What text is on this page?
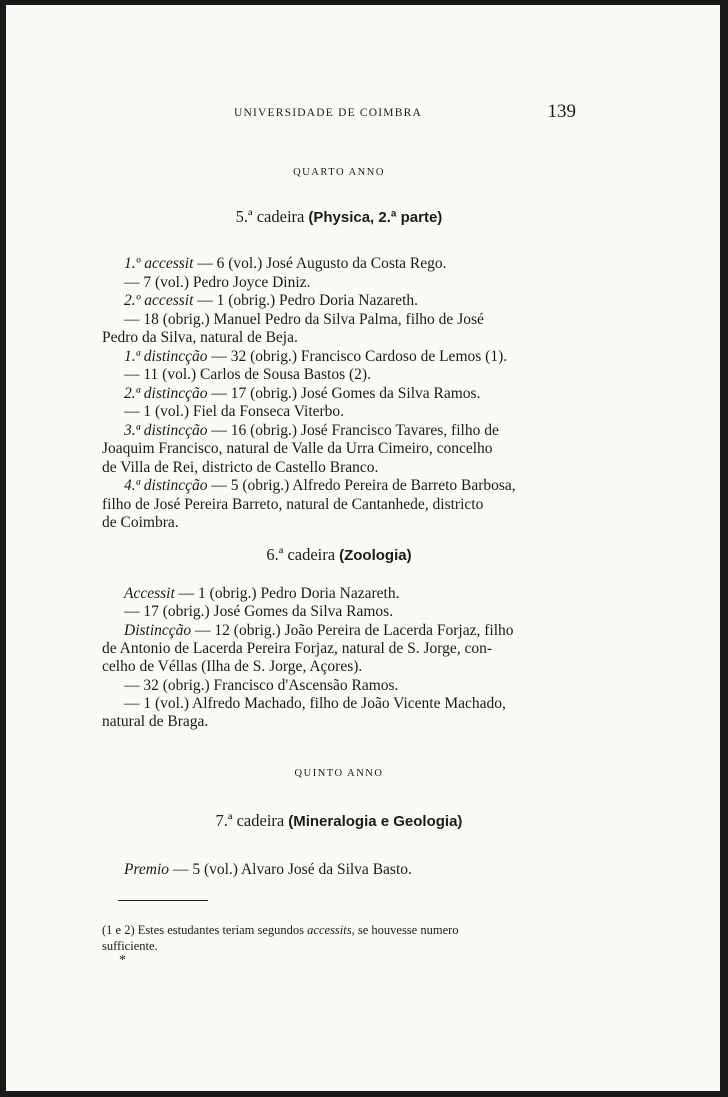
UNIVERSIDADE DE COIMBRA	139
QUARTO ANNO
5.ª cadeira (Physica, 2.ª parte)
1.º accessit — 6 (vol.) José Augusto da Costa Rego.
— 7 (vol.) Pedro Joyce Diniz.
2.º accessit — 1 (obrig.) Pedro Doria Nazareth.
— 18 (obrig.) Manuel Pedro da Silva Palma, filho de José
Pedro da Silva, natural de Beja.
1.ª distincção — 32 (obrig.) Francisco Cardoso de Lemos (1).
— 11 (vol.) Carlos de Sousa Bastos (2).
2.ª distincção — 17 (obrig.) José Gomes da Silva Ramos.
— 1 (vol.) Fiel da Fonseca Viterbo.
3.ª distincção — 16 (obrig.) José Francisco Tavares, filho de
Joaquim Francisco, natural de Valle da Urra Cimeiro, concelho
de Villa de Rei, districto de Castello Branco.
4.ª distincção — 5 (obrig.) Alfredo Pereira de Barreto Barbosa,
filho de José Pereira Barreto, natural de Cantanhede, districto
de Coimbra.
6.ª cadeira (Zoologia)
Accessit — 1 (obrig.) Pedro Doria Nazareth.
— 17 (obrig.) José Gomes da Silva Ramos.
Distincção — 12 (obrig.) João Pereira de Lacerda Forjaz, filho
de Antonio de Lacerda Pereira Forjaz, natural de S. Jorge, con-
celho de Véllas (Ilha de S. Jorge, Açores).
— 32 (obrig.) Francisco d'Ascensão Ramos.
— 1 (vol.) Alfredo Machado, filho de João Vicente Machado,
natural de Braga.
QUINTO ANNO
7.ª cadeira (Mineralogia e Geologia)
Premio — 5 (vol.) Alvaro José da Silva Basto.
(1 e 2) Estes estudantes teriam segundos accessits, se houvesse numero
sufficiente.
*
